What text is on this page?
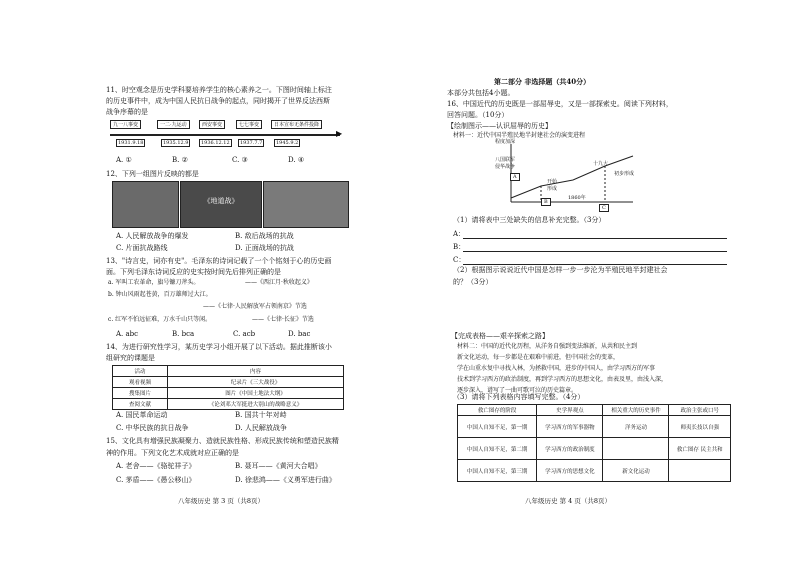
11、时空观念是历史学科要培养学生的核心素养之一。下图时间轴上标注
的历史事件中，成为中国人民抗日战争的起点，同时揭开了世界反法西斯
战争序幕的是
九一八事变	一二·九运动	西安事变	七七事变	日本宣布无条件投降
▶
1931.9.18	1935.12.9	1936.12.12	1937.7.7	1945.9.2
A. ①	B. ②	C. ③	D. ④
12、下列一组图片反映的都是
《地道战》
A. 人民解放战争的爆发	B. 敌后战场的抗战
C. 片面抗战路线	D. 正面战场的抗战
13、"诗言史，词亦有史"。毛泽东的诗词记载了一个个铭刻于心的历史画
面。下列毛泽东诗词反应的史实按时间先后排列正确的是
a. 军叫工农革命，旗号镰刀斧头。	——《西江月·秋收起义》
b. 钟山风雨起苍黄，百万雄师过大江。
——《七律·人民解放军占领南京》节选
c. 红军不怕远征难，万水千山只等闲。	——《七律·长征》节选
A. abc	B. bca	C. acb	D. bac
14、为进行研究性学习，某历史学习小组开展了以下活动。据此推断该小
组研究的课题是
活动	内容
观看视频	纪录片《三大战役》
搜集图片	图片《中国土地法大纲》
查阅文献	《论刘邓大军挺进大别山的战略意义》
A. 国民革命运动	B. 国共十年对峙
C. 中华民族的抗日战争	D. 人民解放战争
15、文化具有增强民族凝聚力、造就民族性格、形成民族传统和塑造民族精
神的作用。下列文化艺术成就对应正确的是
A. 老舍——《骆驼祥子》	B. 聂耳——《黄河大合唱》
C. 茅盾——《愚公移山》	D. 徐悲鸿——《义勇军进行曲》
八年级历史 第 3 页（共8页）
第二部分 非选择题（共40分）
本部分共包括4小题。
16、中国近代的历史既是一部屈辱史，又是一部探索史。阅读下列材料，
回答问题。（10分）
【绘制图示——认识屈辱的历史】
材料一：近代中国半殖民地半封建社会的演变进程
程度加深
八国联军
侵华战争
A
开始
形成
B
1860年
C
十九大
初步形成
（1）请将表中三处缺失的信息补充完整。（3分）
A：
B：
C：
（2）根据图示说说近代中国是怎样一步一步沦为半殖民地半封建社会
的？（3分）
【完成表格——艰辛探索之路】
材料二：中国的近代化历程，从洋务自强到变法维新，从共和民主到
新文化运动，每一步都是在艰难中前进，但中国社会的变革，
学在山重水复中寻找入林，为拯救中国，进步的中国人，由学习西方的军事
技术到学习西方的政治制度，再到学习西方的思想文化，由表及里，由浅入深，
逐步深入，谱写了一曲可歌可泣的历史篇章。
（3）请将下列表格内容填写完整。（4分）
救亡图存的阶段	史学界观点	相关重大的历史事件	政治主张或口号
中国人自知不足，第一期	学习西方的军事器物	洋务运动	师夷长技以自强
中国人自知不足，第二期	学习西方的政治制度		救亡图存 民主共和
中国人自知不足，第三期	学习西方的思想文化	新文化运动	
八年级历史 第 4 页（共8页）
